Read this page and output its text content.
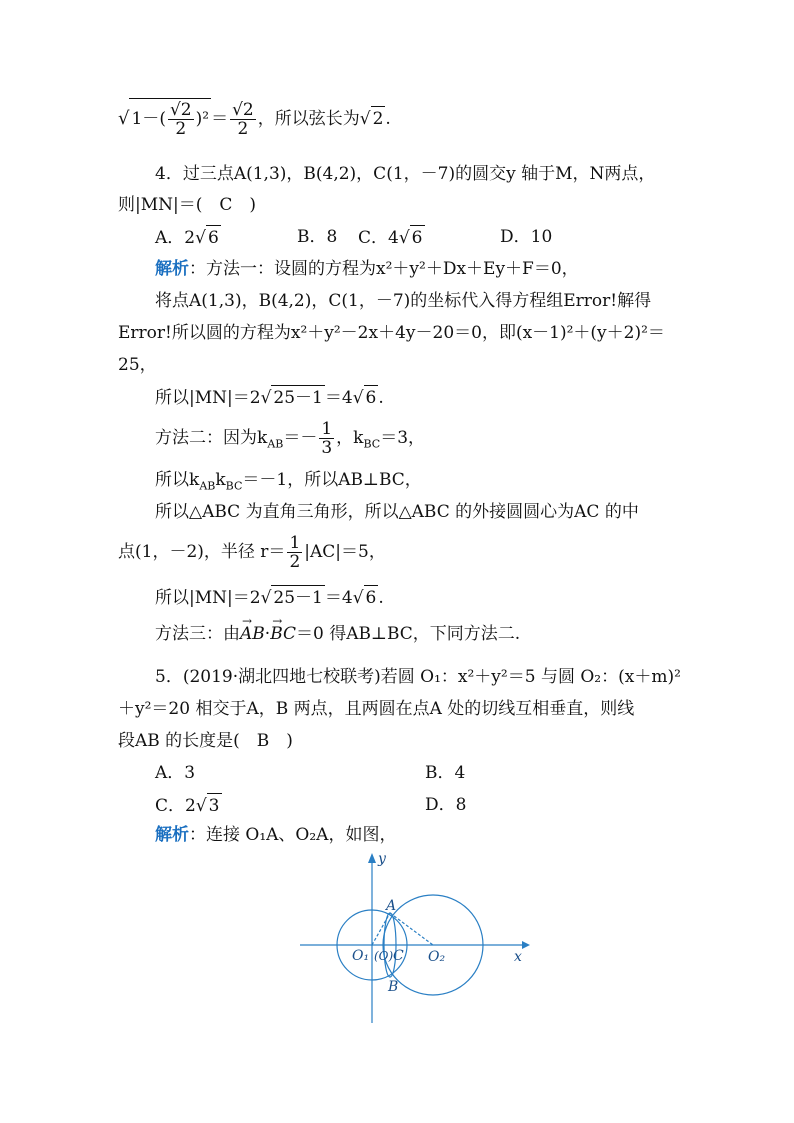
√ $1-( \frac{√2}{2} )^2= \frac{√2}{2}$ ，所以弦长为√ 2 .
4．过三点A(1,3)，B(4,2)，C(1，－7)的圆交y 轴于M，N两点，
则|MN|＝(　C　)
A．2√ 6	B．8 C．4√ 6	D．10
解析：方法一：设圆的方程为x²＋y²＋Dx＋Ey＋F＝0，
将点A(1,3)，B(4,2)，C(1，－7)的坐标代入得方程组Error!解得
Error!所以圆的方程为x²＋y²－2x＋4y－20＝0，即(x－1)²＋(y＋2)²＝
25，
所以|MN|＝2√ 25－1 ＝4√ 6 .
方法二：因为$k_{AB}=- \frac{1}{3}$ ，$k_{BC}=3$，
所以$k_{AB}k_{BC}=-1$，所以AB⊥BC，
所以△ABC 为直角三角形，所以△ABC 的外接圆圆心为AC 的中
点(1，－2)，半径 $r= \frac{1}{2} |AC|=5$，
所以|MN|＝2√ 25－1 ＝4√ 6 .
方法三：由→ AB·→ BC＝0 得AB⊥BC，下同方法二.
5．(2019·湖北四地七校联考)若圆 O₁：x²＋y²＝5 与圆 O₂：(x＋m)²
＋y²＝20 相交于A，B 两点，且两圆在点A 处的切线互相垂直，则线
段AB 的长度是(　B　)
A．3	B．4
C．2√ 3	D．8
解析：连接 O₁A、O₂A，如图，
y
x
A
B
C
(O)
O₁	O₂
